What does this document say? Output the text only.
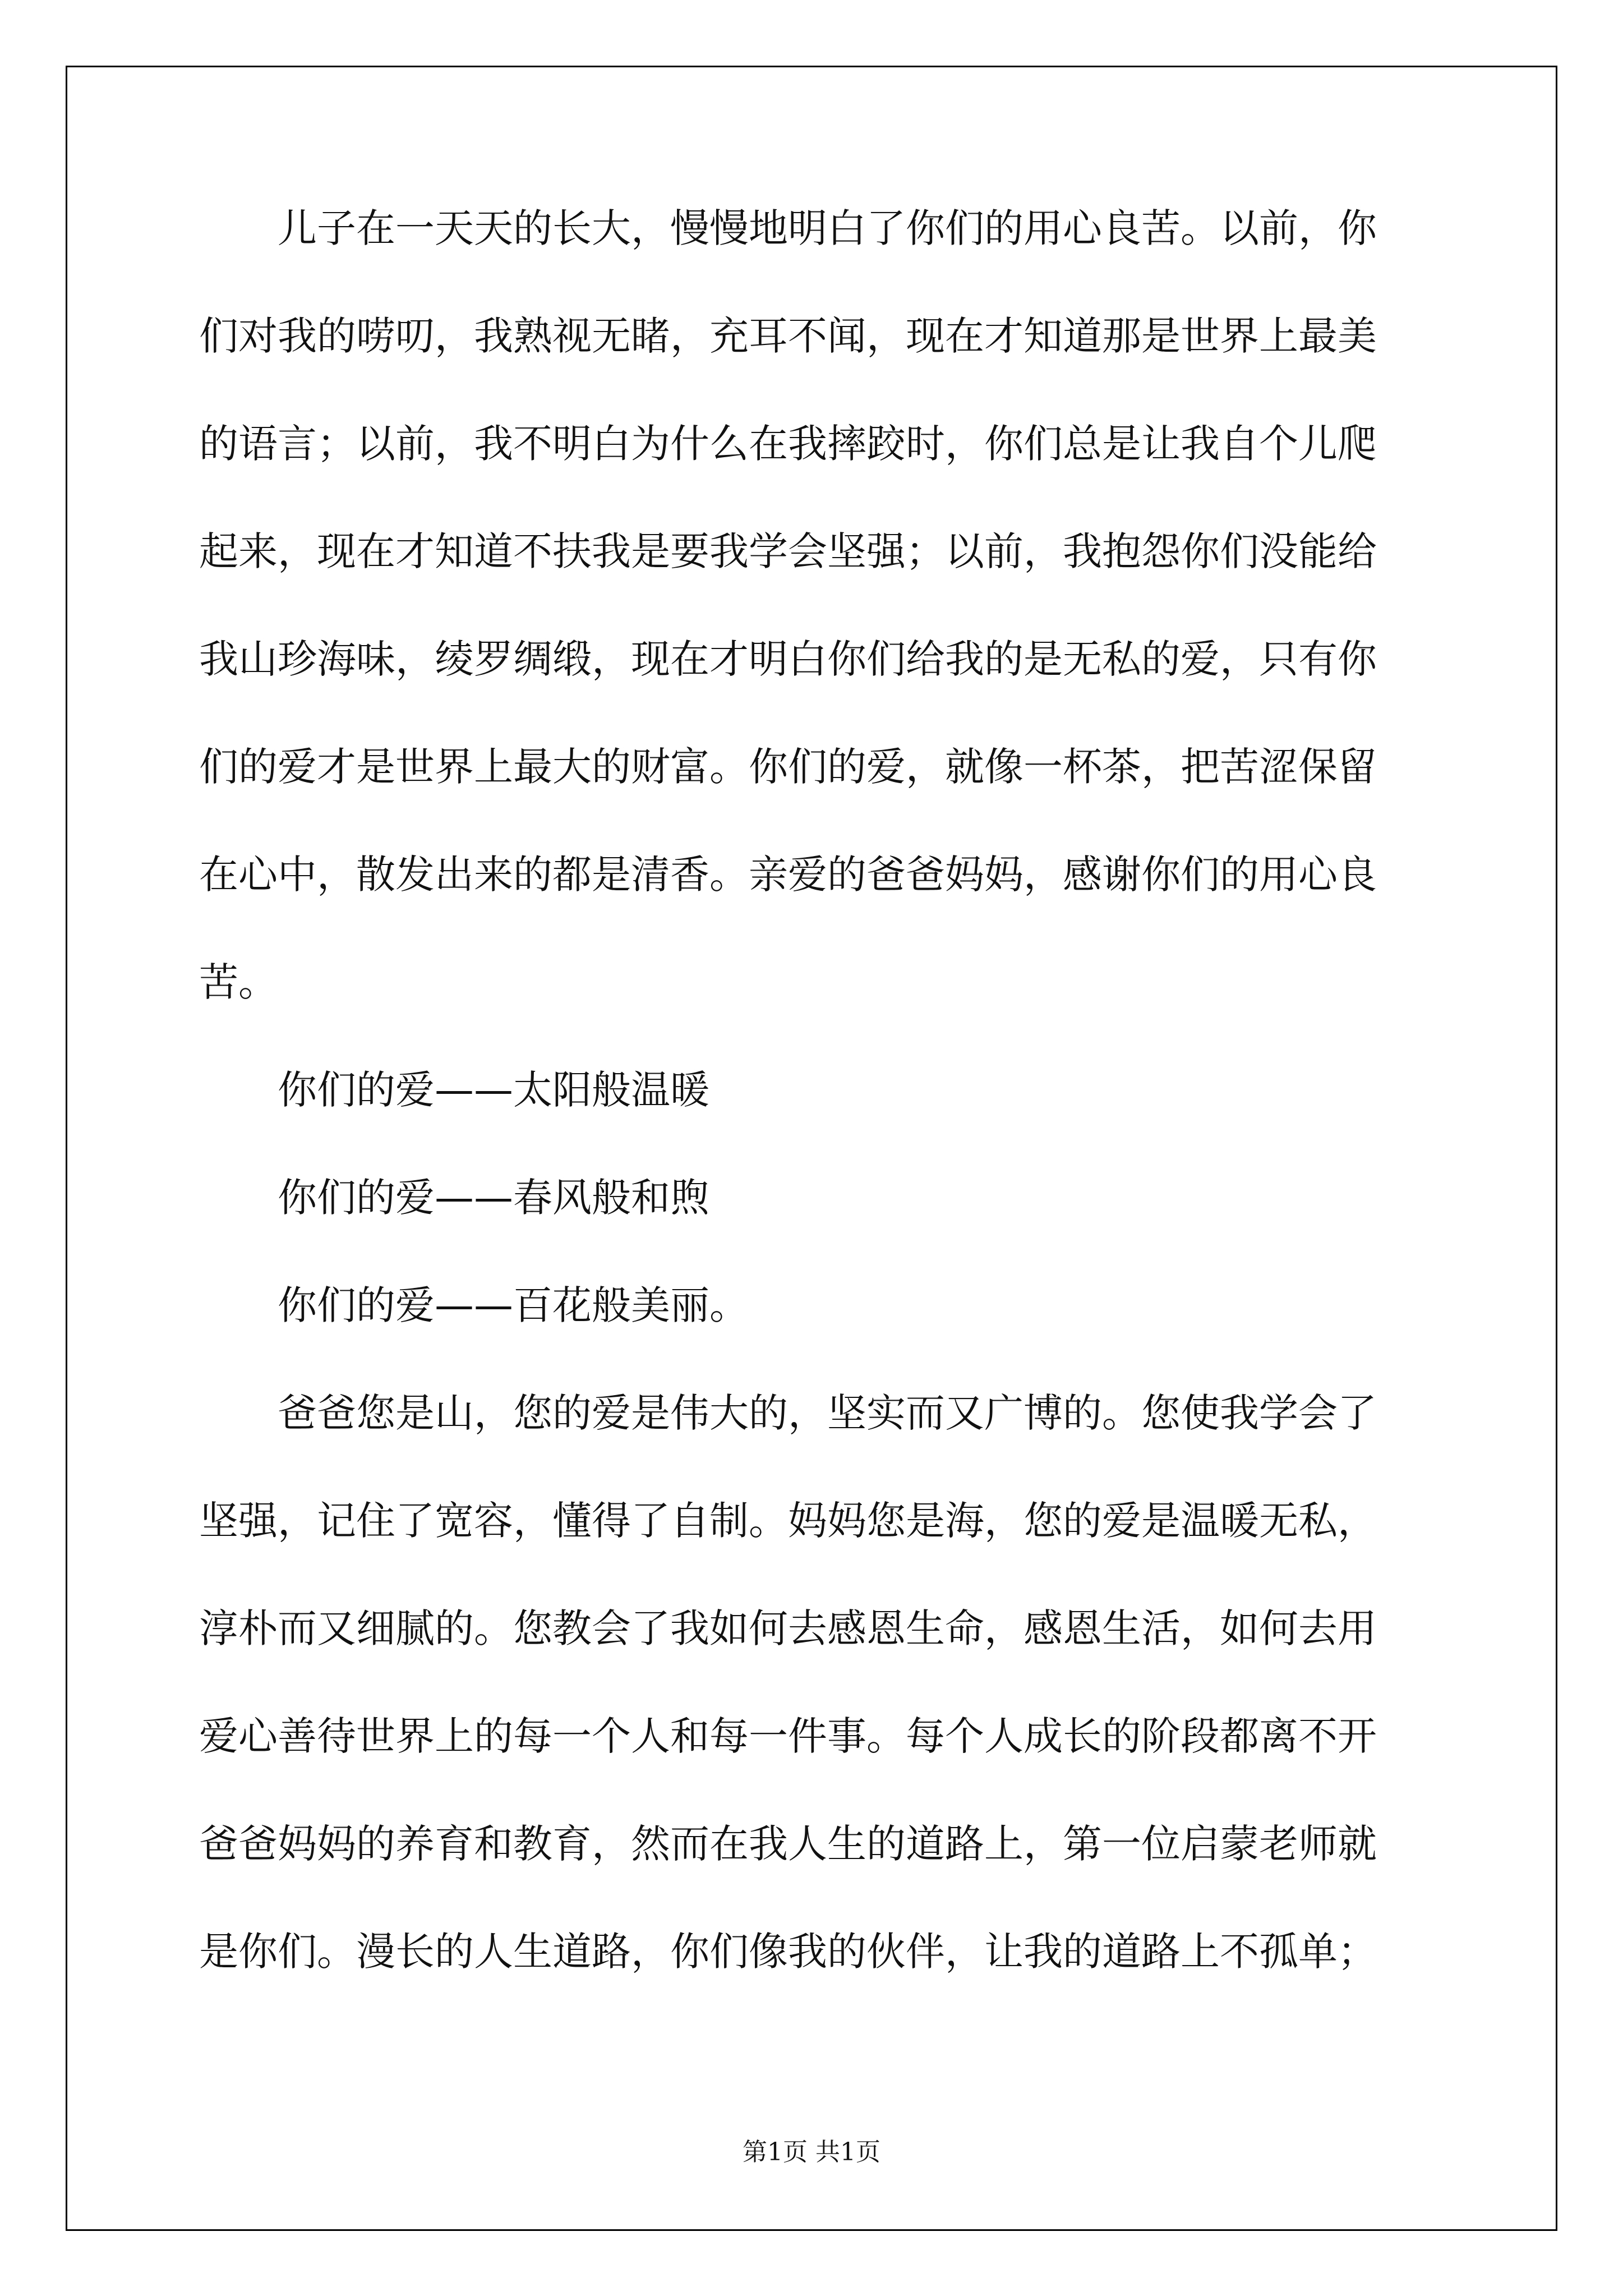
儿子在一天天的长大，慢慢地明白了你们的用心良苦。以前，你
们对我的唠叨，我熟视无睹，充耳不闻，现在才知道那是世界上最美
的语言；以前，我不明白为什么在我摔跤时，你们总是让我自个儿爬
起来，现在才知道不扶我是要我学会坚强；以前，我抱怨你们没能给
我山珍海味，绫罗绸缎，现在才明白你们给我的是无私的爱，只有你
们的爱才是世界上最大的财富。你们的爱，就像一杯茶，把苦涩保留
在心中，散发出来的都是清香。亲爱的爸爸妈妈，感谢你们的用心良
苦。
你们的爱——太阳般温暖
你们的爱——春风般和煦
你们的爱——百花般美丽。
爸爸您是山，您的爱是伟大的，坚实而又广博的。您使我学会了
坚强，记住了宽容，懂得了自制。妈妈您是海，您的爱是温暖无私，
淳朴而又细腻的。您教会了我如何去感恩生命，感恩生活，如何去用
爱心善待世界上的每一个人和每一件事。每个人成长的阶段都离不开
爸爸妈妈的养育和教育，然而在我人生的道路上，第一位启蒙老师就
是你们。漫长的人生道路，你们像我的伙伴，让我的道路上不孤单；
第1页 共1页
